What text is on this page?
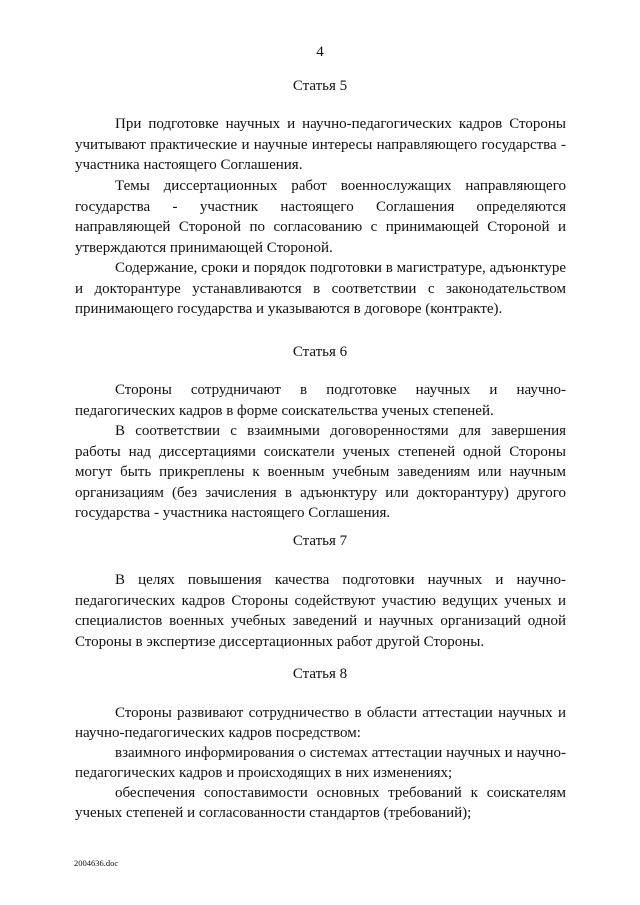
4
Статья 5

При подготовке научных и научно-педагогических кадров Стороны учитывают практические и научные интересы направляющего государства - участника настоящего Соглашения.

Темы диссертационных работ военнослужащих направляющего государства - участник настоящего Соглашения определяются направляющей Стороной по согласованию с принимающей Стороной и утверждаются принимающей Стороной.

Содержание, сроки и порядок подготовки в магистратуре, адъюнктуре и докторантуре устанавливаются в соответствии с законодательством принимающего государства и указываются в договоре (контракте).

Статья 6

Стороны сотрудничают в подготовке научных и научно-педагогических кадров в форме соискательства ученых степеней.

В соответствии с взаимными договоренностями для завершения работы над диссертациями соискатели ученых степеней одной Стороны могут быть прикреплены к военным учебным заведениям или научным организациям (без зачисления в адъюнктуру или докторантуру) другого государства - участника настоящего Соглашения.

Статья 7

В целях повышения качества подготовки научных и научно-педагогических кадров Стороны содействуют участию ведущих ученых и специалистов военных учебных заведений и научных организаций одной Стороны в экспертизе диссертационных работ другой Стороны.

Статья 8

Стороны развивают сотрудничество в области аттестации научных и научно-педагогических кадров посредством:

взаимного информирования о системах аттестации научных и научно-педагогических кадров и происходящих в них изменениях;

обеспечения сопоставимости основных требований к соискателям ученых степеней и согласованности стандартов (требований);

2004636.doc
